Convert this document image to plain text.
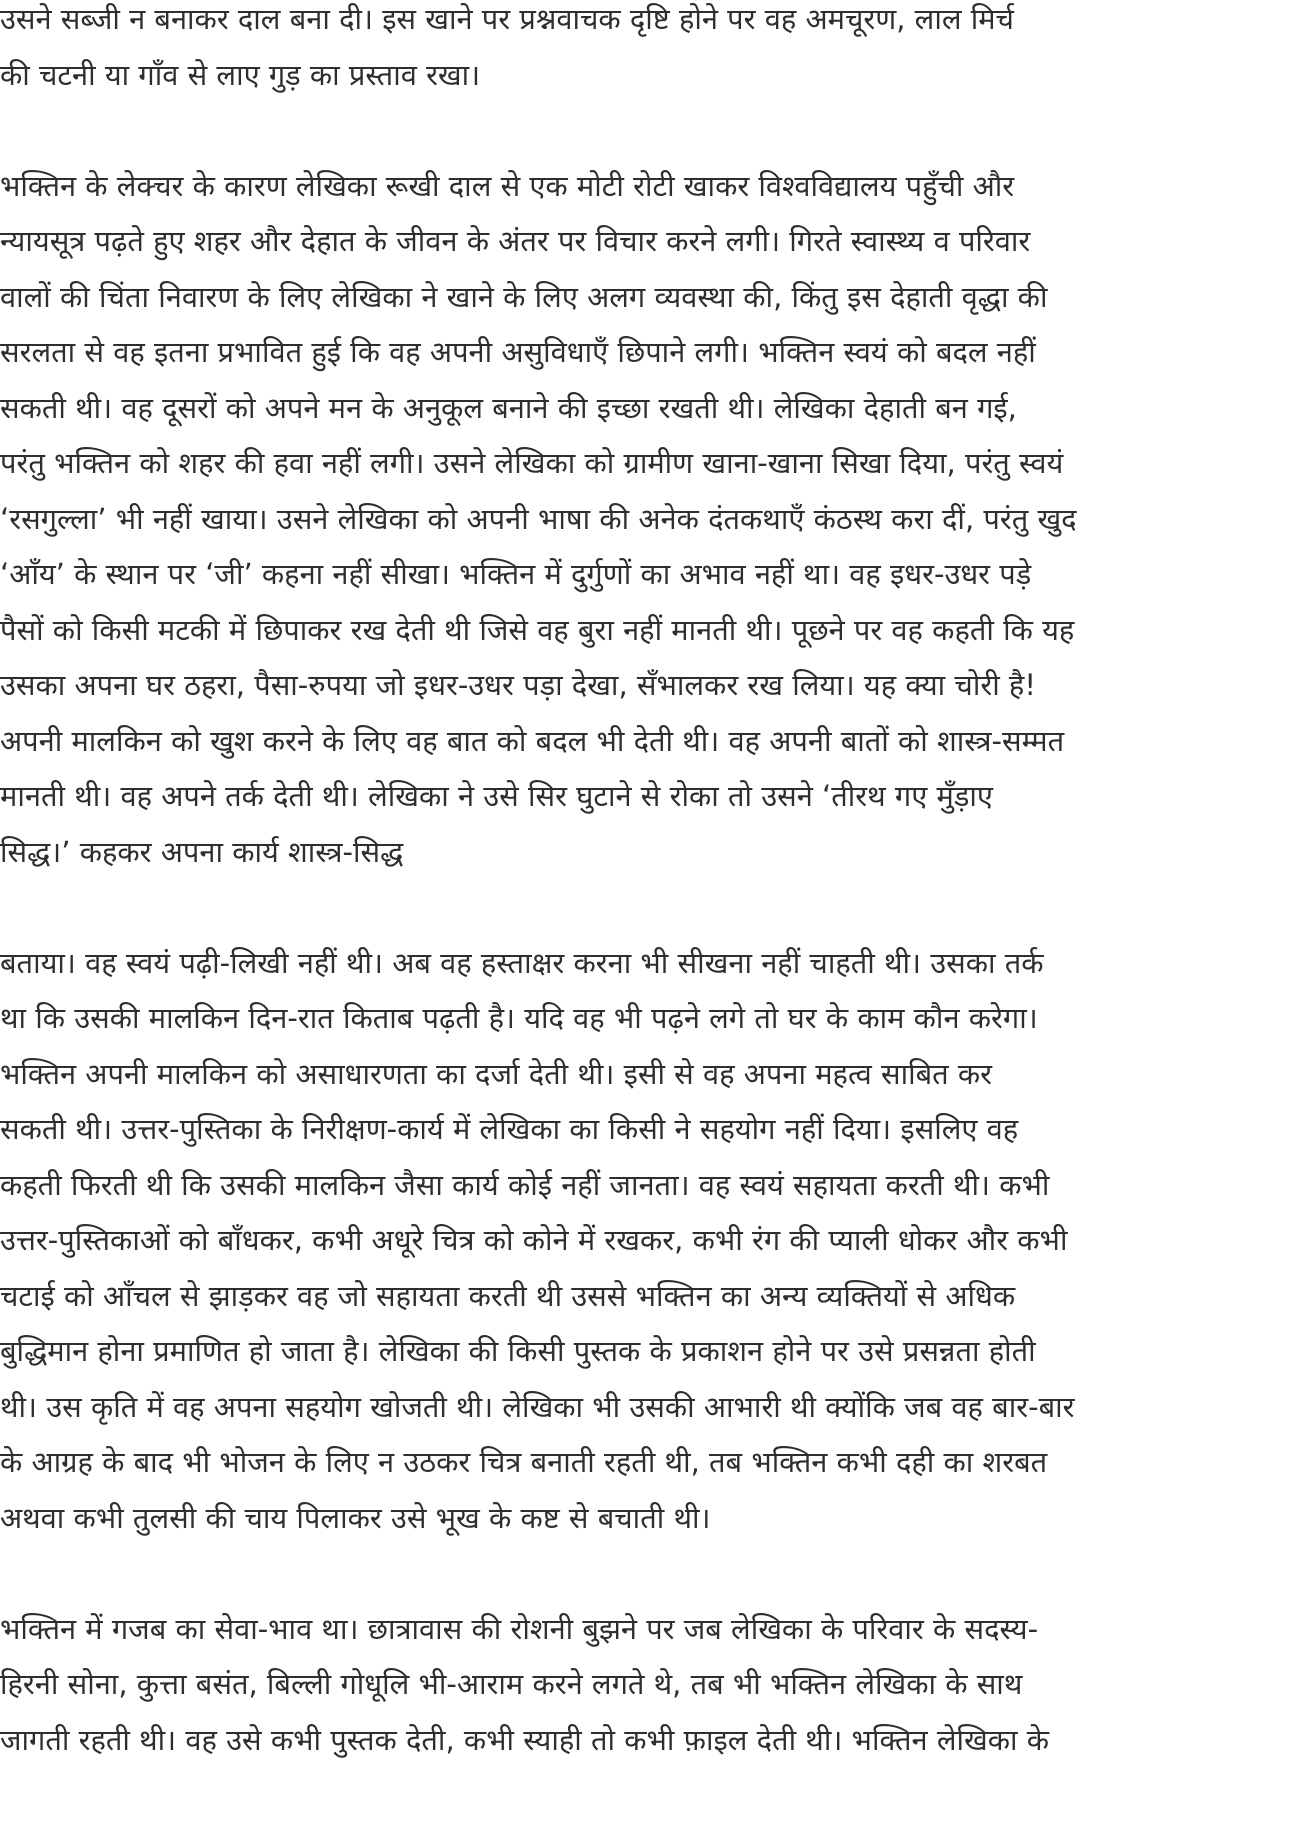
उसने सब्जी न बनाकर दाल बना दी। इस खाने पर प्रश्नवाचक दृष्टि होने पर वह अमचूरण, लाल मिर्च
की चटनी या गाँव से लाए गुड़ का प्रस्ताव रखा।
भक्तिन के लेक्चर के कारण लेखिका रूखी दाल से एक मोटी रोटी खाकर विश्वविद्यालय पहुँची और
न्यायसूत्र पढ़ते हुए शहर और देहात के जीवन के अंतर पर विचार करने लगी। गिरते स्वास्थ्य व परिवार
वालों की चिंता निवारण के लिए लेखिका ने खाने के लिए अलग व्यवस्था की, किंतु इस देहाती वृद्धा की
सरलता से वह इतना प्रभावित हुई कि वह अपनी असुविधाएँ छिपाने लगी। भक्तिन स्वयं को बदल नहीं
सकती थी। वह दूसरों को अपने मन के अनुकूल बनाने की इच्छा रखती थी। लेखिका देहाती बन गई,
परंतु भक्तिन को शहर की हवा नहीं लगी। उसने लेखिका को ग्रामीण खाना-खाना सिखा दिया, परंतु स्वयं
‘रसगुल्ला’ भी नहीं खाया। उसने लेखिका को अपनी भाषा की अनेक दंतकथाएँ कंठस्थ करा दीं, परंतु खुद
‘आँय’ के स्थान पर ‘जी’ कहना नहीं सीखा। भक्तिन में दुर्गुणों का अभाव नहीं था। वह इधर-उधर पड़े
पैसों को किसी मटकी में छिपाकर रख देती थी जिसे वह बुरा नहीं मानती थी। पूछने पर वह कहती कि यह
उसका अपना घर ठहरा, पैसा-रुपया जो इधर-उधर पड़ा देखा, सँभालकर रख लिया। यह क्या चोरी है!
अपनी मालकिन को खुश करने के लिए वह बात को बदल भी देती थी। वह अपनी बातों को शास्त्र-सम्मत
मानती थी। वह अपने तर्क देती थी। लेखिका ने उसे सिर घुटाने से रोका तो उसने ‘तीरथ गए मुँड़ाए
सिद्ध।’ कहकर अपना कार्य शास्त्र-सिद्ध
बताया। वह स्वयं पढ़ी-लिखी नहीं थी। अब वह हस्ताक्षर करना भी सीखना नहीं चाहती थी। उसका तर्क
था कि उसकी मालकिन दिन-रात किताब पढ़ती है। यदि वह भी पढ़ने लगे तो घर के काम कौन करेगा।
भक्तिन अपनी मालकिन को असाधारणता का दर्जा देती थी। इसी से वह अपना महत्व साबित कर
सकती थी। उत्तर-पुस्तिका के निरीक्षण-कार्य में लेखिका का किसी ने सहयोग नहीं दिया। इसलिए वह
कहती फिरती थी कि उसकी मालकिन जैसा कार्य कोई नहीं जानता। वह स्वयं सहायता करती थी। कभी
उत्तर-पुस्तिकाओं को बाँधकर, कभी अधूरे चित्र को कोने में रखकर, कभी रंग की प्याली धोकर और कभी
चटाई को आँचल से झाड़कर वह जो सहायता करती थी उससे भक्तिन का अन्य व्यक्तियों से अधिक
बुद्धिमान होना प्रमाणित हो जाता है। लेखिका की किसी पुस्तक के प्रकाशन होने पर उसे प्रसन्नता होती
थी। उस कृति में वह अपना सहयोग खोजती थी। लेखिका भी उसकी आभारी थी क्योंकि जब वह बार-बार
के आग्रह के बाद भी भोजन के लिए न उठकर चित्र बनाती रहती थी, तब भक्तिन कभी दही का शरबत
अथवा कभी तुलसी की चाय पिलाकर उसे भूख के कष्ट से बचाती थी।
भक्तिन में गजब का सेवा-भाव था। छात्रावास की रोशनी बुझने पर जब लेखिका के परिवार के सदस्य-
हिरनी सोना, कुत्ता बसंत, बिल्ली गोधूलि भी-आराम करने लगते थे, तब भी भक्तिन लेखिका के साथ
जागती रहती थी। वह उसे कभी पुस्तक देती, कभी स्याही तो कभी फ़ाइल देती थी। भक्तिन लेखिका के
